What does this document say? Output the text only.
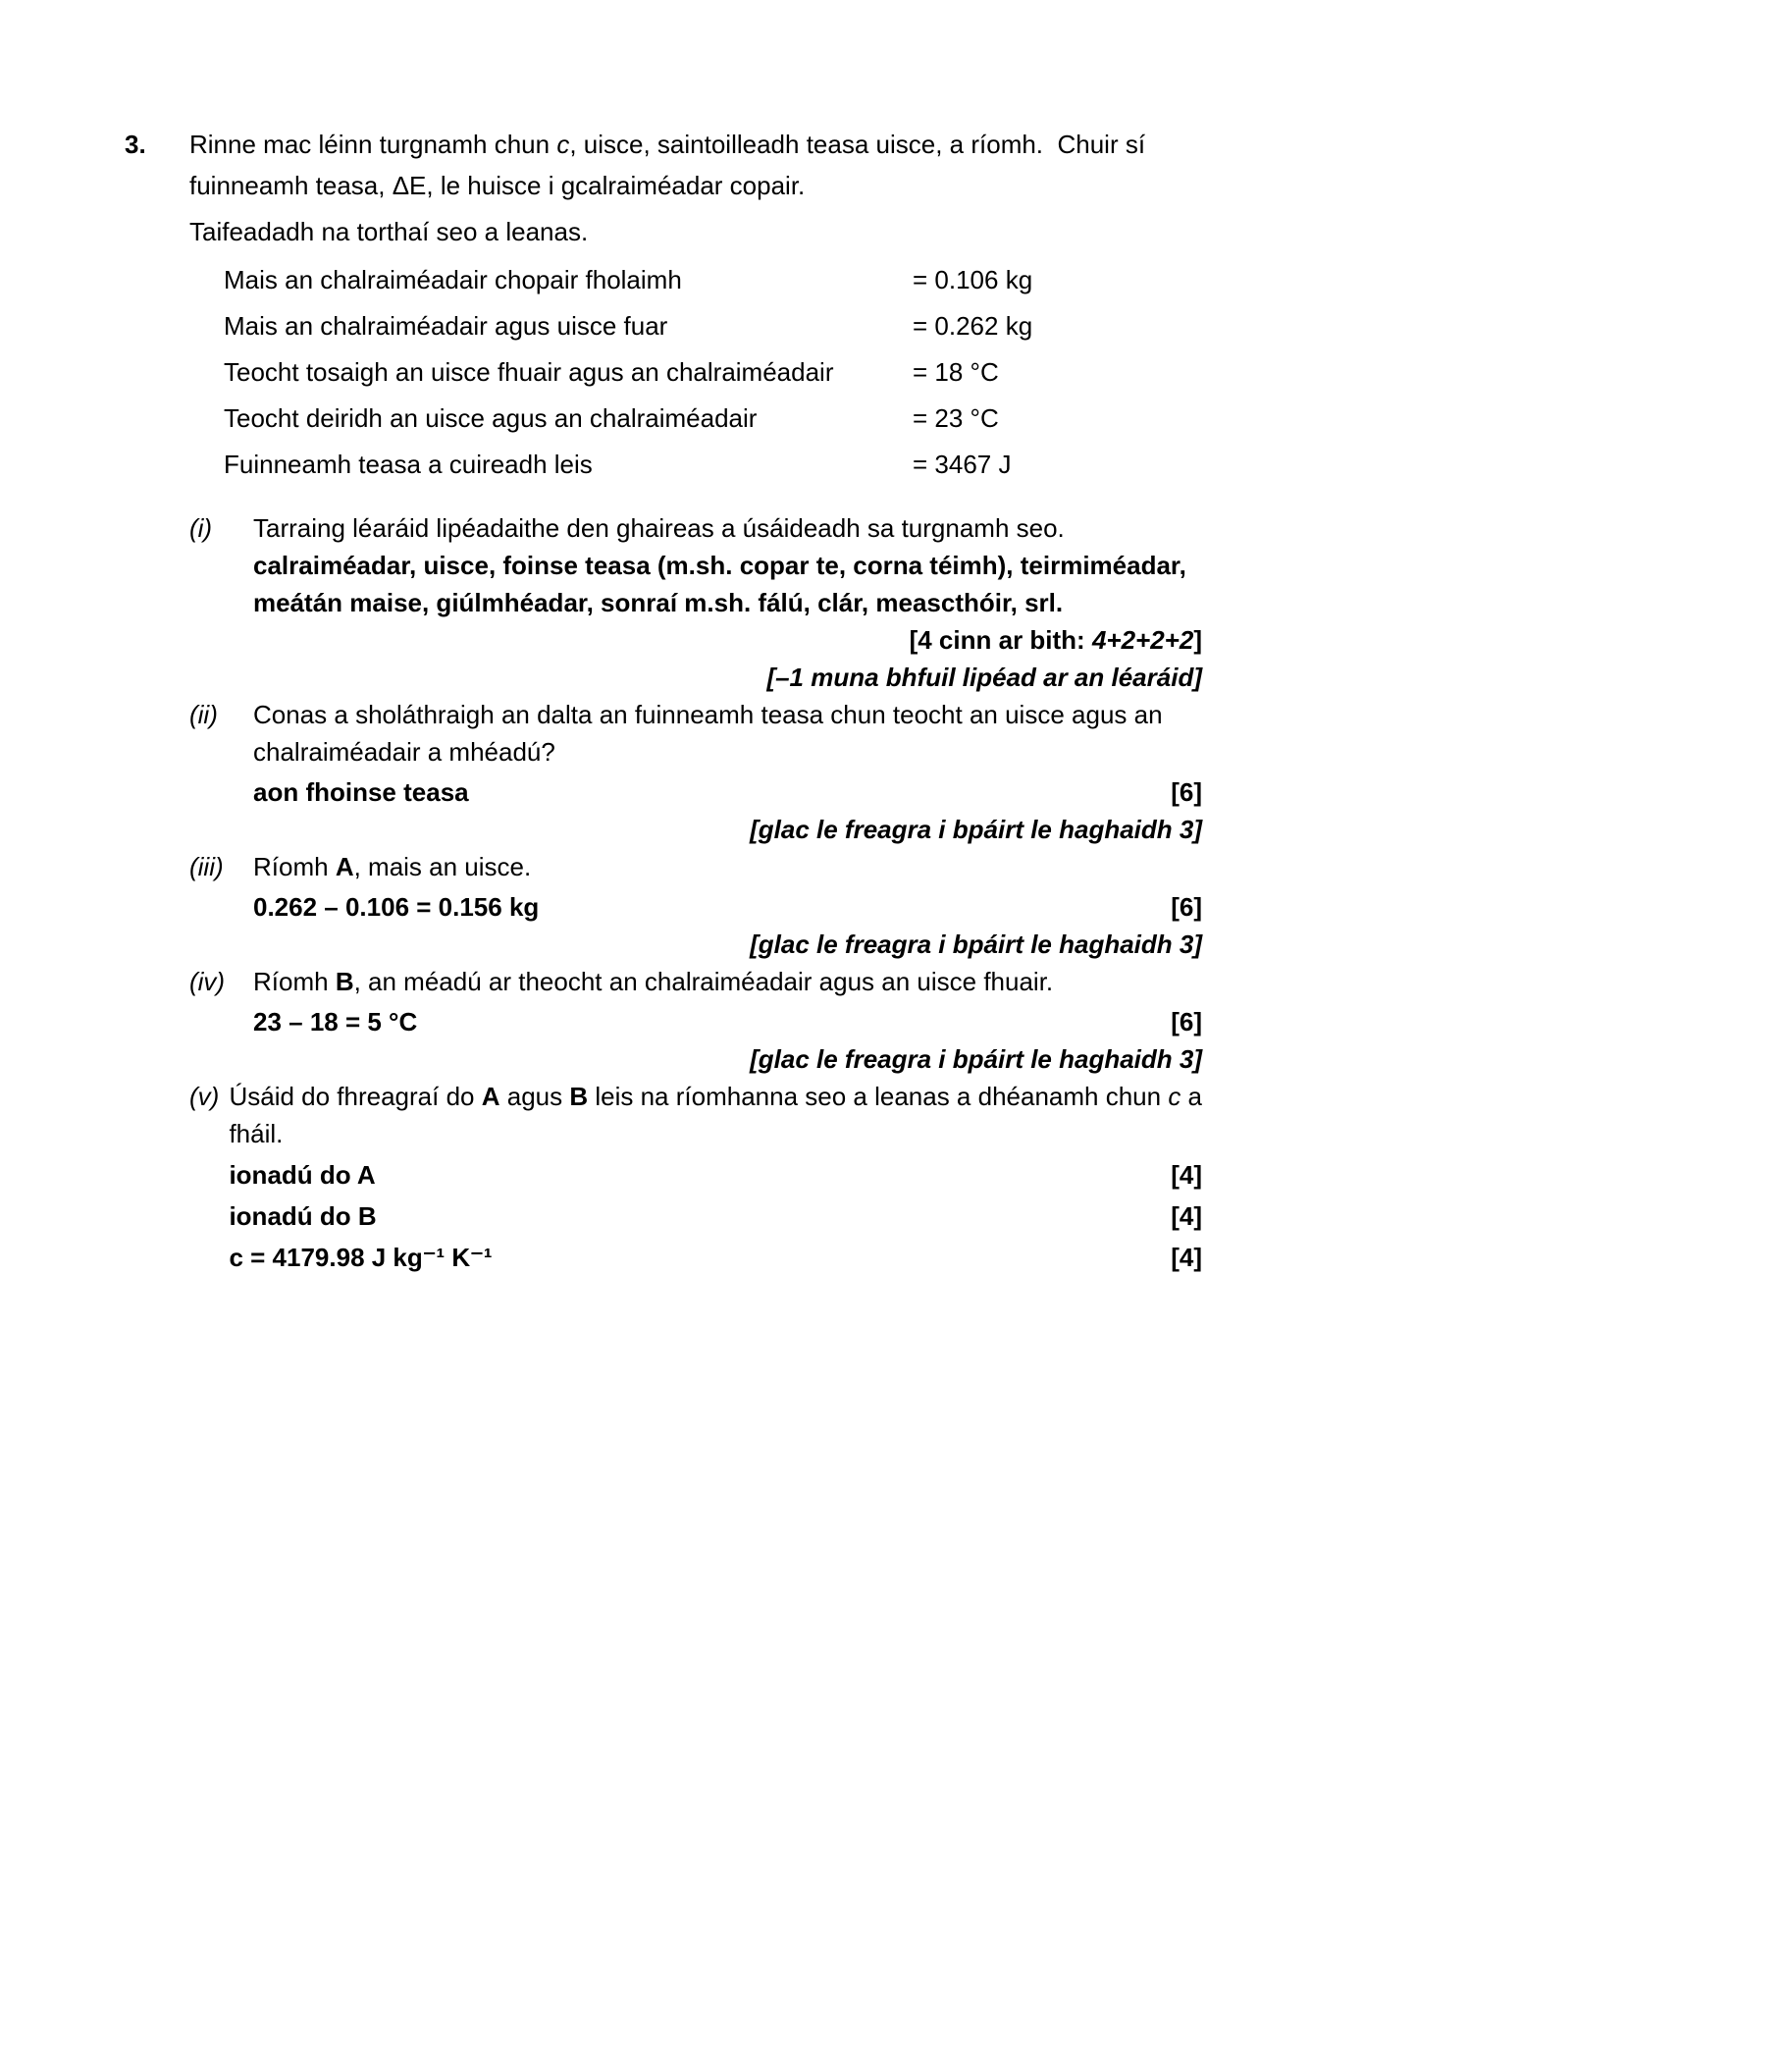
3.	Rinne mac léinn turgnamh chun c, uisce, saintoilleadh teasa uisce, a ríomh.  Chuir sí
fuinneamh teasa, ΔE, le huisce i gcalraiméadar copair.
Taifeadadh na torthaí seo a leanas.
Mais an chalraiméadair chopair fholaimh	= 0.106 kg
Mais an chalraiméadair agus uisce fuar	= 0.262 kg
Teocht tosaigh an uisce fhuair agus an chalraiméadair	= 18 °C
Teocht deiridh an uisce agus an chalraiméadair	= 23 °C
Fuinneamh teasa a cuireadh leis	= 3467 J
(i)	Tarraing léaráid lipéadaithe den ghaireas a úsáideadh sa turgnamh seo.
calraiméadar, uisce, foinse teasa (m.sh. copar te, corna téimh), teirmiméadar,
meátán maise, giúlmhéadar, sonraí m.sh. fálú, clár, meascthóir, srl.
[4 cinn ar bith: 4+2+2+2]
[–1 muna bhfuil lipéad ar an léaráid]
(ii)	Conas a sholáthraigh an dalta an fuinneamh teasa chun teocht an uisce agus an
chalraiméadair a mhéadú?
aon fhoinse teasa	[6]
[glac le freagra i bpáirt le haghaidh 3]
(iii)	Ríomh A, mais an uisce.
0.262 – 0.106 = 0.156 kg	[6]
[glac le freagra i bpáirt le haghaidh 3]
(iv)	Ríomh B, an méadú ar theocht an chalraiméadair agus an uisce fhuair.
23 – 18 = 5 °C	[6]
[glac le freagra i bpáirt le haghaidh 3]
(v) Úsáid do fhreagraí do A agus B leis na ríomhanna seo a leanas a dhéanamh chun c a
fháil.
ionadú do A	[4]
ionadú do B	[4]
c = 4179.98 J kg⁻¹ K⁻¹	[4]
